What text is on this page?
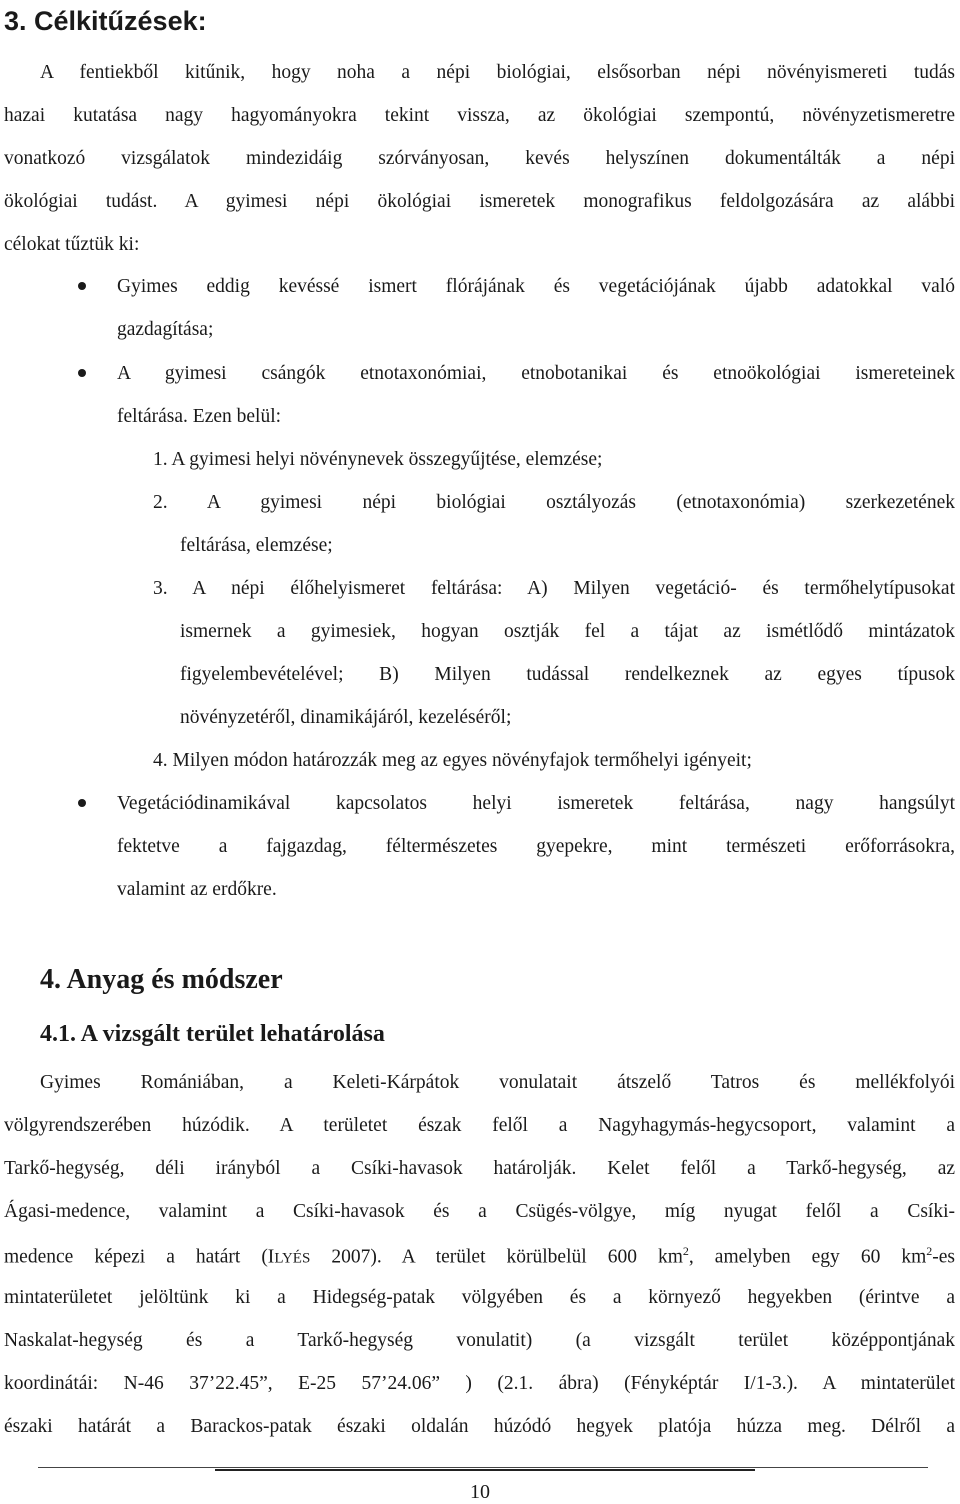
3. Célkitűzések:
A fentiekből kitűnik, hogy noha a népi biológiai, elsősorban népi növényismereti tudás
hazai kutatása nagy hagyományokra tekint vissza, az ökológiai szempontú, növényzetismeretre
vonatkozó vizsgálatok mindezidáig szórványosan, kevés helyszínen dokumentálták a népi
ökológiai tudást. A gyimesi népi ökológiai ismeretek monografikus feldolgozására az alábbi
célokat tűztük ki:
Gyimes eddig kevéssé ismert flórájának és vegetációjának újabb adatokkal való
gazdagítása;
A gyimesi csángók etnotaxonómiai, etnobotanikai és etnoökológiai ismereteinek
feltárása. Ezen belül:
1. A gyimesi helyi növénynevek összegyűjtése, elemzése;
2. A gyimesi népi biológiai osztályozás (etnotaxonómia) szerkezetének
feltárása, elemzése;
3. A népi élőhelyismeret feltárása: A) Milyen vegetáció- és termőhelytípusokat
ismernek a gyimesiek, hogyan osztják fel a tájat az ismétlődő mintázatok
figyelembevételével; B) Milyen tudással rendelkeznek az egyes típusok
növényzetéről, dinamikájáról, kezeléséről;
4. Milyen módon határozzák meg az egyes növényfajok termőhelyi igényeit;
Vegetációdinamikával kapcsolatos helyi ismeretek feltárása, nagy hangsúlyt
fektetve a fajgazdag, féltermészetes gyepekre, mint természeti erőforrásokra,
valamint az erdőkre.
4. Anyag és módszer
4.1. A vizsgált terület lehatárolása
Gyimes Romániában, a Keleti-Kárpátok vonulatait átszelő Tatros és mellékfolyói
völgyrendszerében húzódik. A területet észak felől a Nagyhagymás-hegycsoport, valamint a
Tarkő-hegység, déli irányból a Csíki-havasok határolják. Kelet felől a Tarkő-hegység, az
Ágasi-medence, valamint a Csíki-havasok és a Csügés-völgye, míg nyugat felől a Csíki-
medence képezi a határt (ILYÉS 2007). A terület körülbelül 600 $km^2$, amelyben egy 60 $km^2-es$
mintaterületet jelöltünk ki a Hidegség-patak völgyében és a környező hegyekben (érintve a
Naskalat-hegység és a Tarkő-hegység vonulatit) (a vizsgált terület középpontjának
koordinátái: N-46 37’22.45”, E-25 57’24.06” ) (2.1. ábra) (Fényképtár I/1-3.). A mintaterület
északi határát a Barackos-patak északi oldalán húzódó hegyek platója húzza meg. Délről a
10
